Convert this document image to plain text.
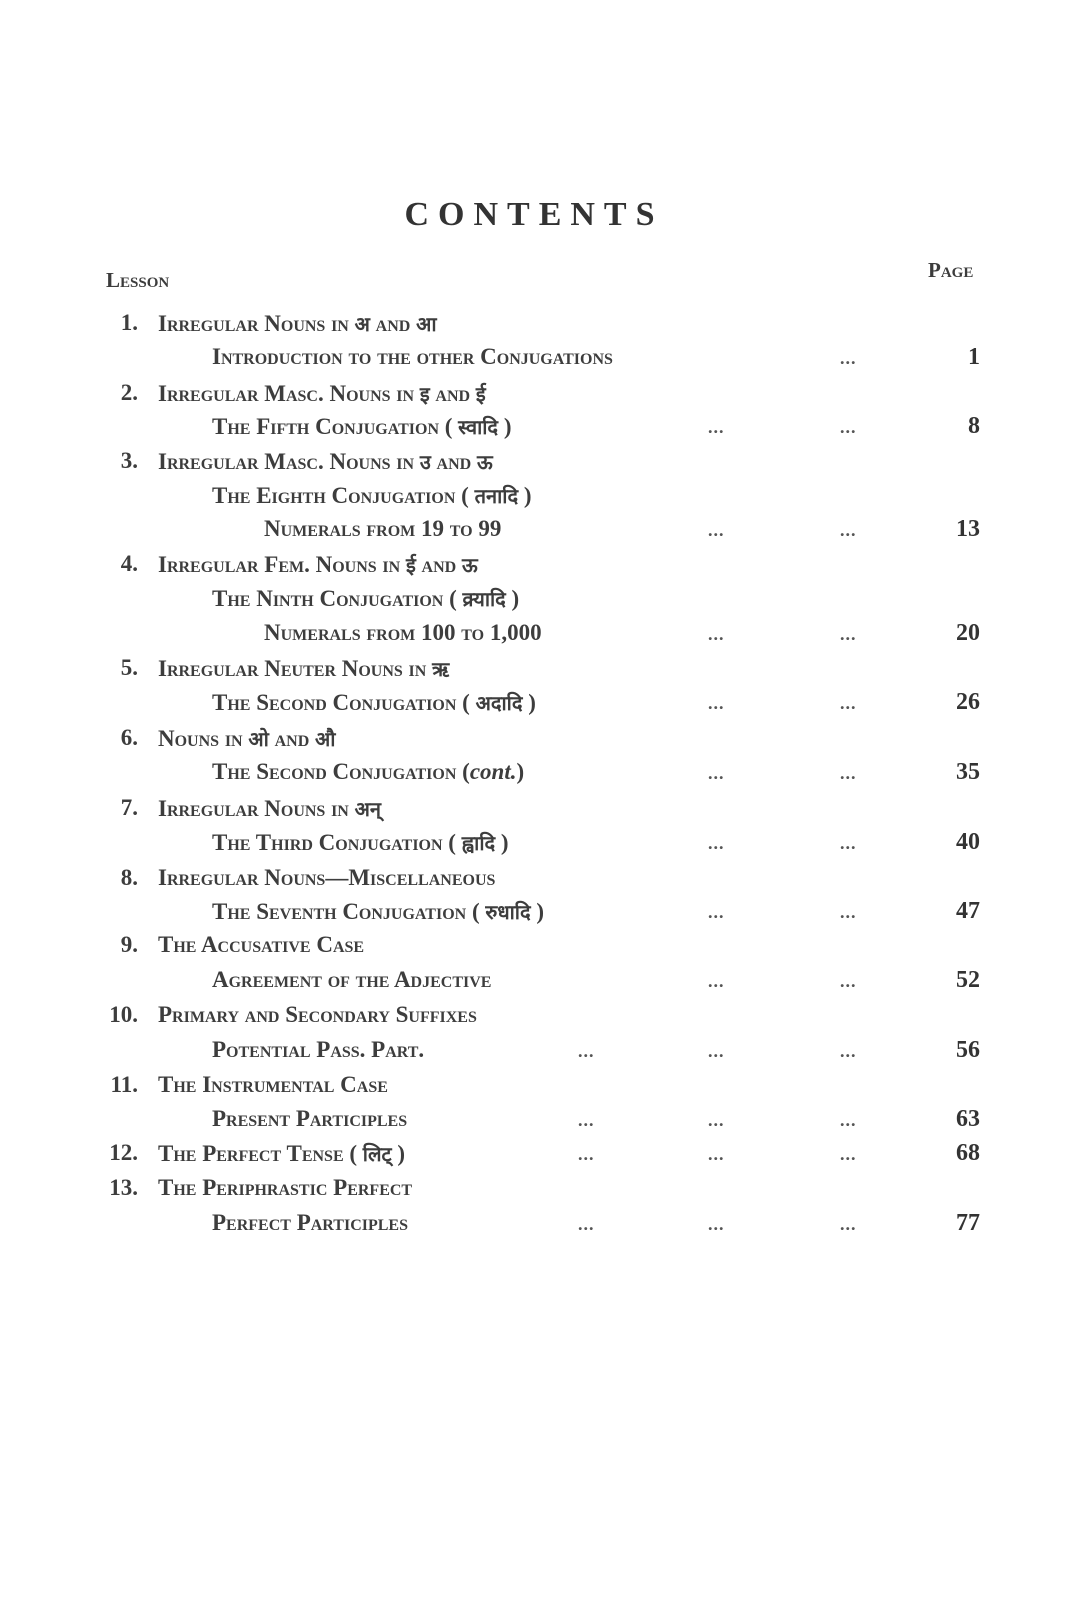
CONTENTS
Lesson	Page
1. Irregular Nouns in अ and आ
Introduction to the other Conjugations	...	1
2. Irregular Masc. Nouns in इ and ई
The Fifth Conjugation ( स्वादि )	...	...	8
3. Irregular Masc. Nouns in उ and ऊ
The Eighth Conjugation ( तनादि )
Numerals from 19 to 99	...	...	13
4. Irregular Fem. Nouns in ई and ऊ
The Ninth Conjugation ( क्र्यादि )
Numerals from 100 to 1,000	...	...	20
5. Irregular Neuter Nouns in ऋ
The Second Conjugation ( अदादि )	...	...	26
6. Nouns in ओ and औ
The Second Conjugation (cont.)	...	...	35
7. Irregular Nouns in अन्
The Third Conjugation ( ह्वादि )	...	...	40
8. Irregular Nouns—Miscellaneous
The Seventh Conjugation ( रुधादि )	...	...	47
9. The Accusative Case
Agreement of the Adjective	...	...	52
10. Primary and Secondary Suffixes
Potential Pass. Part.	...	...	...	56
11. The Instrumental Case
Present Participles	...	...	...	63
12. The Perfect Tense ( लिट् )	...	...	...	68
13. The Periphrastic Perfect
Perfect Participles	...	...	...	77
